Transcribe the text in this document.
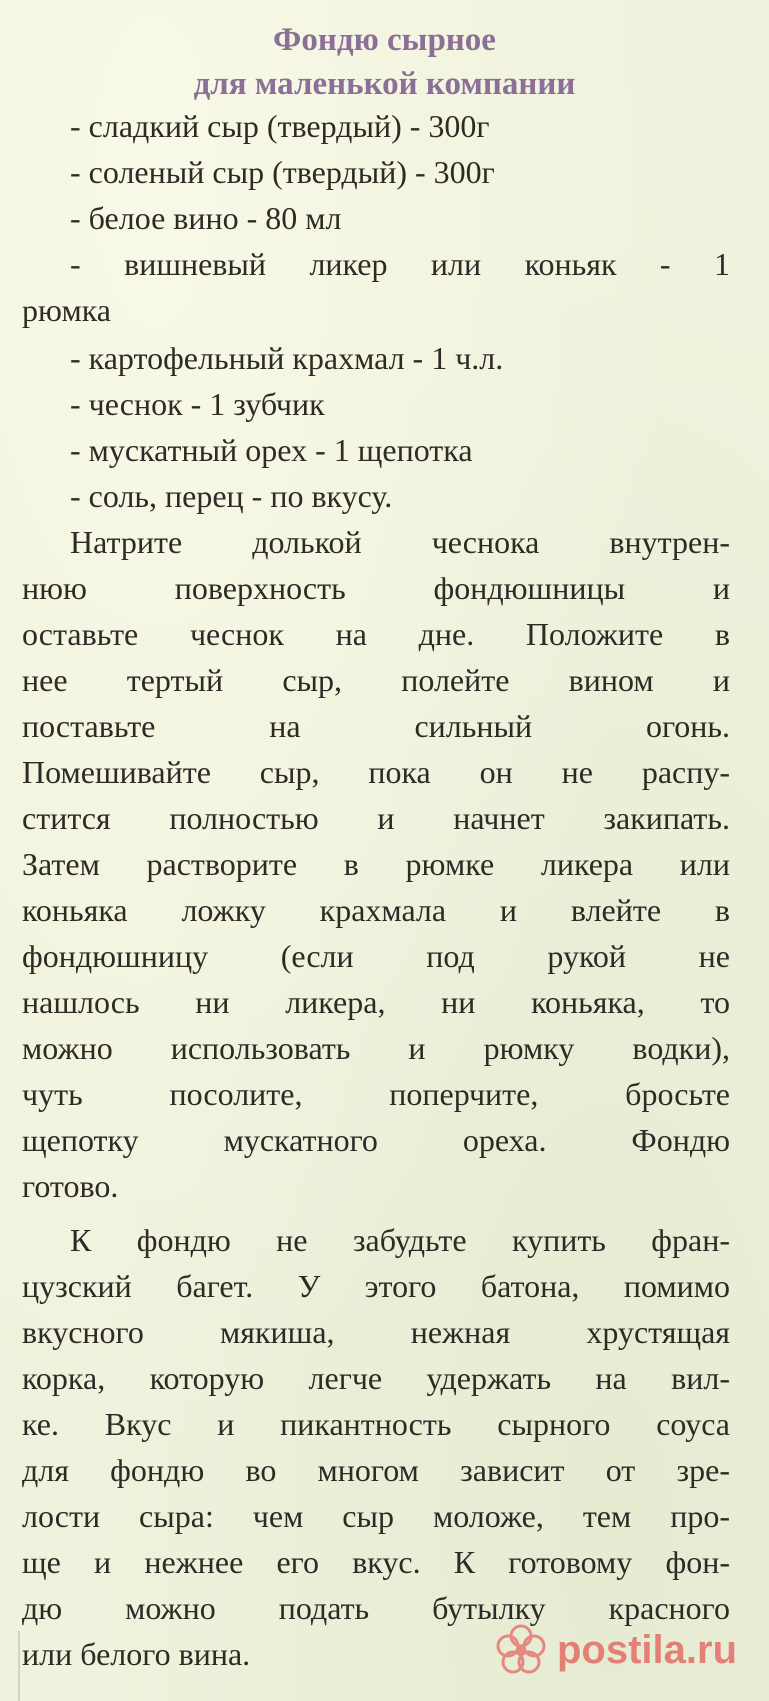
Фондю сырное
для маленькой компании
- сладкий сыр (твердый) - 300г
- соленый сыр (твердый) - 300г
- белое вино - 80 мл
- вишневый ликер или коньяк - 1
рюмка
- картофельный крахмал - 1 ч.л.
- чеснок - 1 зубчик
- мускатный орех - 1 щепотка
- соль, перец - по вкусу.
Натрите долькой чеснока внутрен-
нюю поверхность фондюшницы и
оставьте чеснок на дне. Положите в
нее тертый сыр, полейте вином и
поставьте на сильный огонь.
Помешивайте сыр, пока он не распу-
стится полностью и начнет закипать.
Затем растворите в рюмке ликера или
коньяка ложку крахмала и влейте в
фондюшницу (если под рукой не
нашлось ни ликера, ни коньяка, то
можно использовать и рюмку водки),
чуть посолите, поперчите, бросьте
щепотку мускатного ореха. Фондю
готово.
К фондю не забудьте купить фран-
цузский багет. У этого батона, помимо
вкусного мякиша, нежная хрустящая
корка, которую легче удержать на вил-
ке. Вкус и пикантность сырного соуса
для фондю во многом зависит от зре-
лости сыра: чем сыр моложе, тем про-
ще и нежнее его вкус. К готовому фон-
дю можно подать бутылку красного
или белого вина.	postila.ru
